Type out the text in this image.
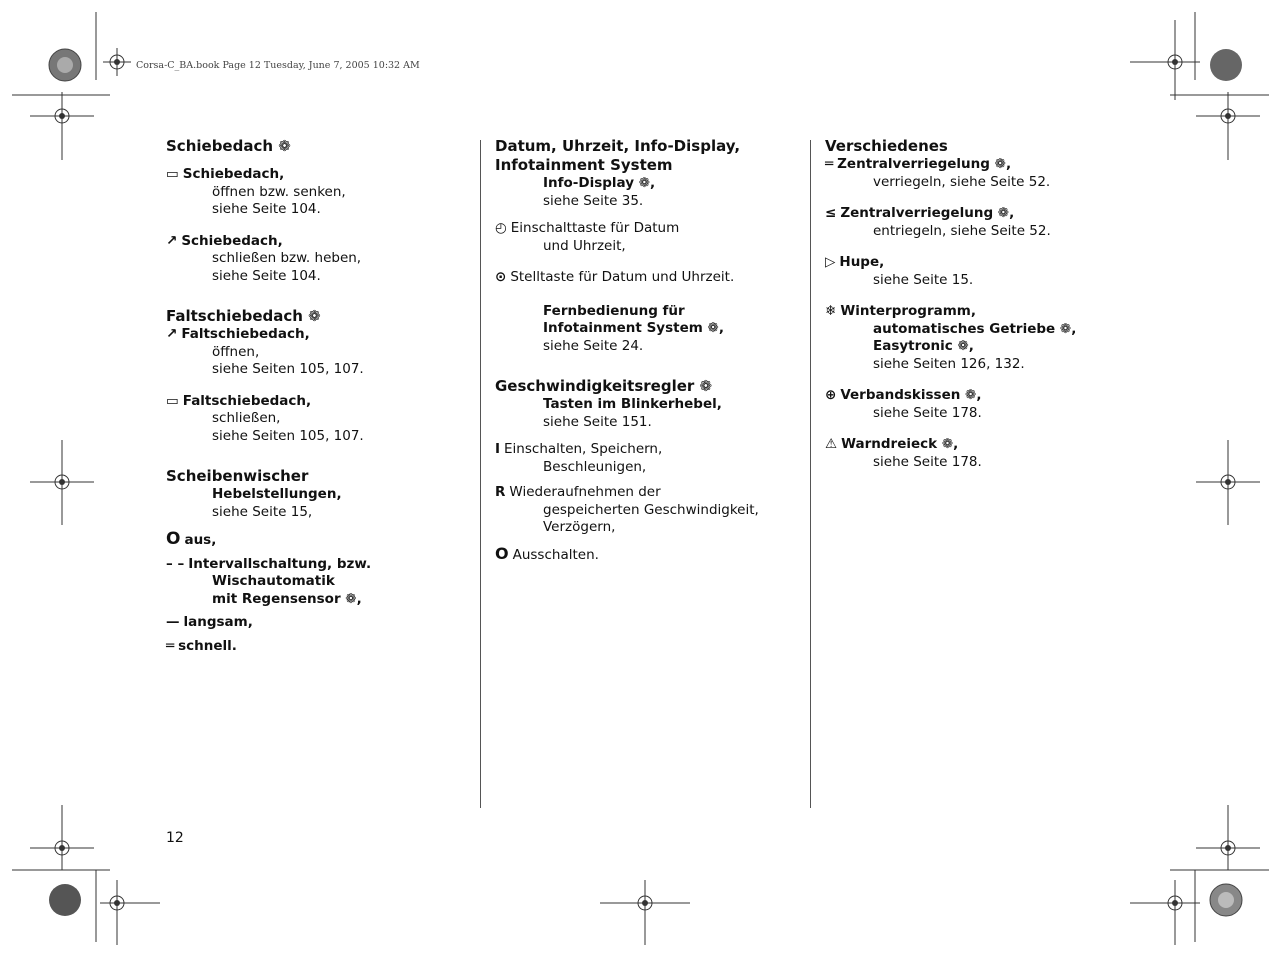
Corsa-C_BA.book Page 12 Tuesday, June 7, 2005 10:32 AM
Schiebedach ❁
▭ Schiebedach,
öffnen bzw. senken,
siehe Seite 104.
↗ Schiebedach,
schließen bzw. heben,
siehe Seite 104.
Faltschiebedach ❁
↗ Faltschiebedach,
öffnen,
siehe Seiten 105, 107.
▭ Faltschiebedach,
schließen,
siehe Seiten 105, 107.
Scheibenwischer
Hebelstellungen,
siehe Seite 15,
O aus,
– – Intervallschaltung, bzw.
Wischautomatik
mit Regensensor ❁,
— langsam,
═ schnell.
Datum, Uhrzeit, Info-Display,
Infotainment System
Info-Display ❁,
siehe Seite 35.
◴ Einschalttaste für Datum
und Uhrzeit,
⊙ Stelltaste für Datum und Uhrzeit.
Fernbedienung für
Infotainment System ❁,
siehe Seite 24.
Geschwindigkeitsregler ❁
Tasten im Blinkerhebel,
siehe Seite 151.
I Einschalten, Speichern,
Beschleunigen,
R Wiederaufnehmen der
gespeicherten Geschwindigkeit,
Verzögern,
O Ausschalten.
Verschiedenes
═ Zentralverriegelung ❁,
verriegeln, siehe Seite 52.
≤ Zentralverriegelung ❁,
entriegeln, siehe Seite 52.
▷ Hupe,
siehe Seite 15.
❄ Winterprogramm,
automatisches Getriebe ❁,
Easytronic ❁,
siehe Seiten 126, 132.
⊕ Verbandskissen ❁,
siehe Seite 178.
⚠ Warndreieck ❁,
siehe Seite 178.
12
